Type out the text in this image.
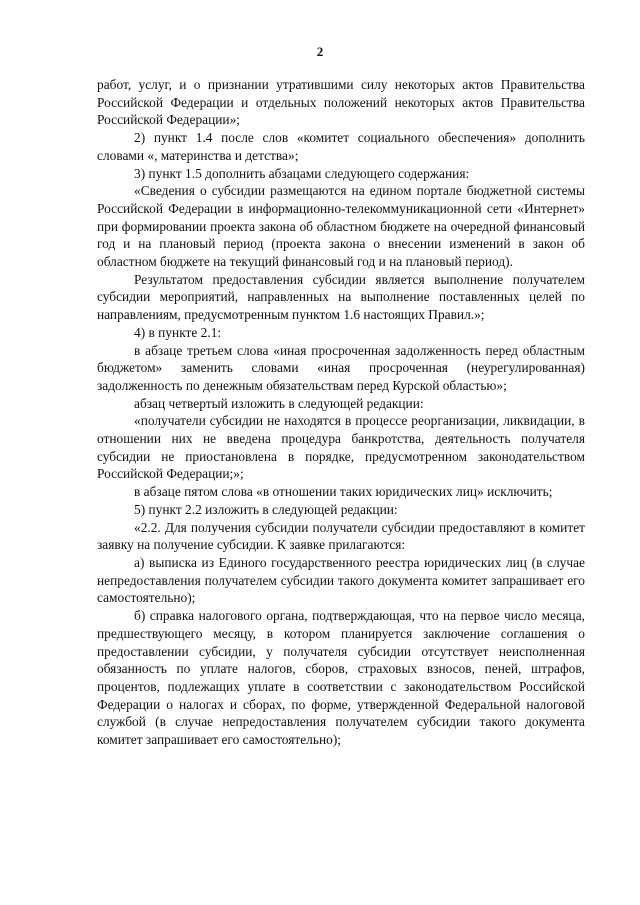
2

работ, услуг, и о признании утратившими силу некоторых актов Правительства Российской Федерации и отдельных положений некоторых актов Правительства Российской Федерации»;

2) пункт 1.4 после слов «комитет социального обеспечения» дополнить словами «, материнства и детства»;

3) пункт 1.5 дополнить абзацами следующего содержания:

«Сведения о субсидии размещаются на едином портале бюджетной системы Российской Федерации в информационно-телекоммуникационной сети «Интернет» при формировании проекта закона об областном бюджете на очередной финансовый год и на плановый период (проекта закона о внесении изменений в закон об областном бюджете на текущий финансовый год и на плановый период).

Результатом предоставления субсидии является выполнение получателем субсидии мероприятий, направленных на выполнение поставленных целей по направлениям, предусмотренным пунктом 1.6 настоящих Правил.»;

4) в пункте 2.1:

в абзаце третьем слова «иная просроченная задолженность перед областным бюджетом» заменить словами «иная просроченная (неурегулированная) задолженность по денежным обязательствам перед Курской областью»;

абзац четвертый изложить в следующей редакции:

«получатели субсидии не находятся в процессе реорганизации, ликвидации, в отношении них не введена процедура банкротства, деятельность получателя субсидии не приостановлена в порядке, предусмотренном законодательством Российской Федерации;»;

в абзаце пятом слова «в отношении таких юридических лиц» исключить;

5) пункт 2.2 изложить в следующей редакции:

«2.2. Для получения субсидии получатели субсидии предоставляют в комитет заявку на получение субсидии. К заявке прилагаются:

а) выписка из Единого государственного реестра юридических лиц (в случае непредоставления получателем субсидии такого документа комитет запрашивает его самостоятельно);

б) справка налогового органа, подтверждающая, что на первое число месяца, предшествующего месяцу, в котором планируется заключение соглашения о предоставлении субсидии, у получателя субсидии отсутствует неисполненная обязанность по уплате налогов, сборов, страховых взносов, пеней, штрафов, процентов, подлежащих уплате в соответствии с законодательством Российской Федерации о налогах и сборах, по форме, утвержденной Федеральной налоговой службой (в случае непредоставления получателем субсидии такого документа комитет запрашивает его самостоятельно);
